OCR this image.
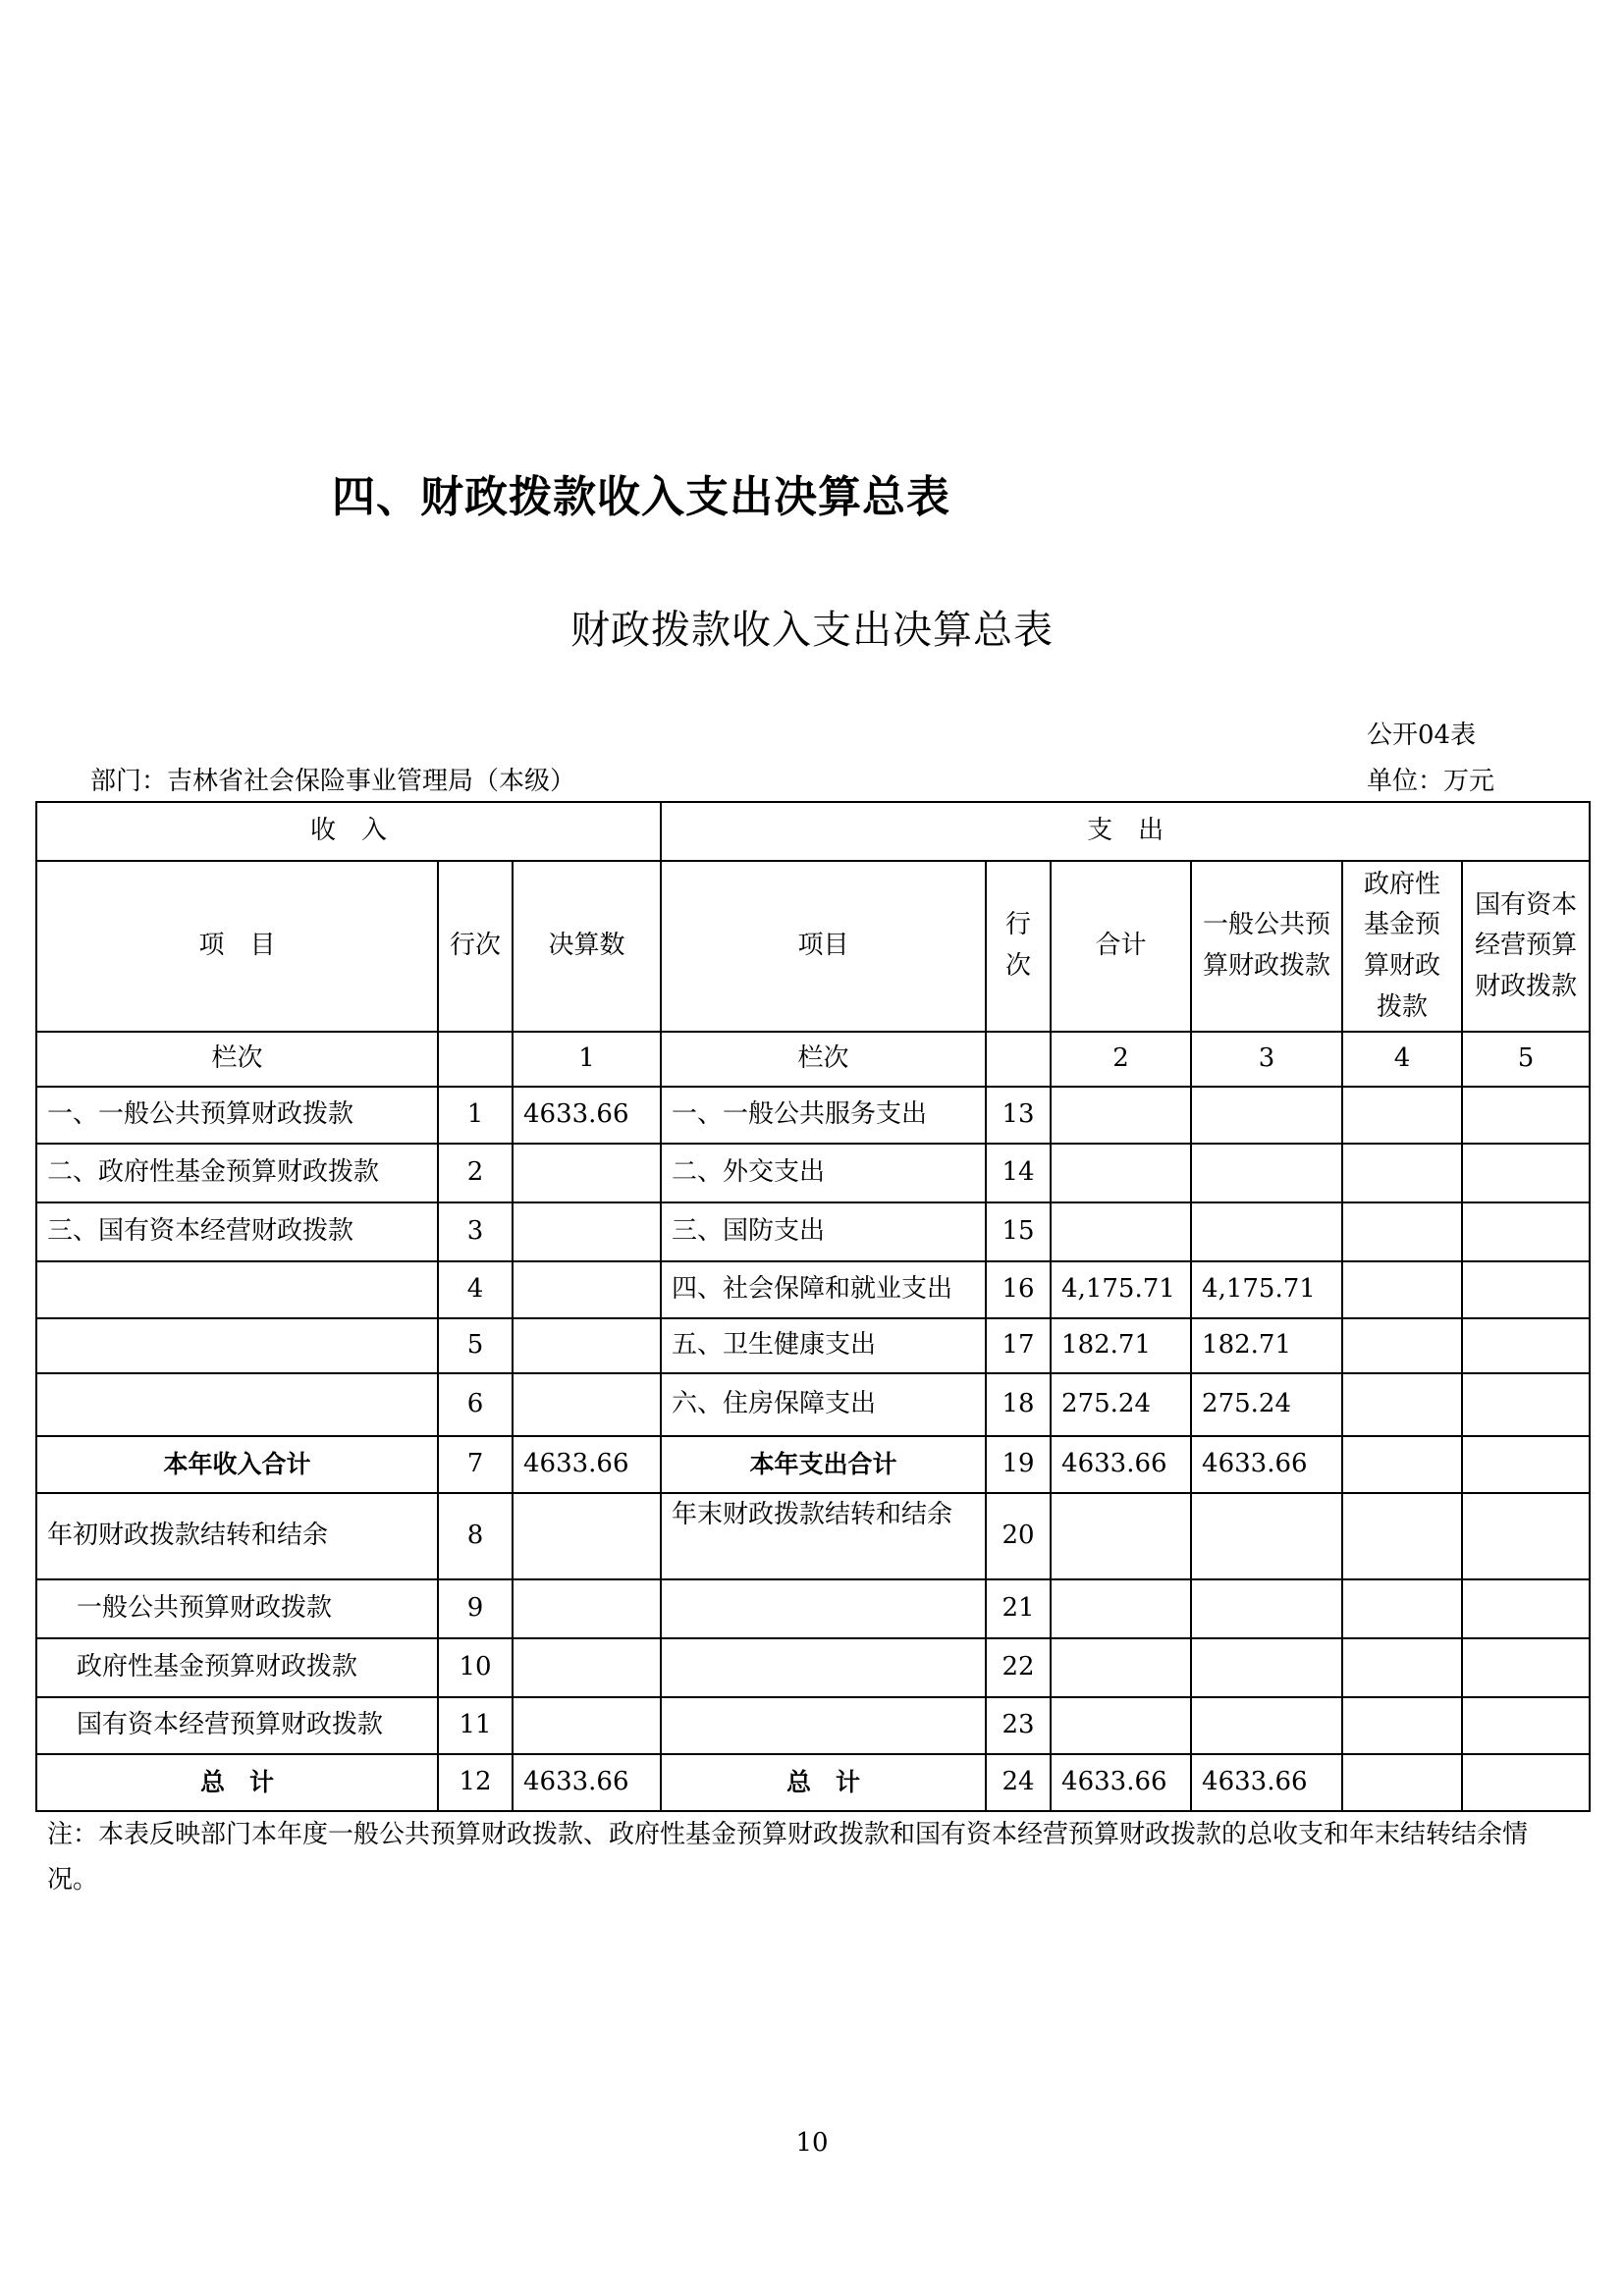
四、财政拨款收入支出决算总表
财政拨款收入支出决算总表
公开04表
部门：吉林省社会保险事业管理局（本级）	单位：万元
收　入			支　出					
项　目	行次	决算数	项目	行次	合计	一般公共预算财政拨款	政府性基金预算财政拨款	国有资本经营预算财政拨款
栏次		1	栏次		2	3	4	5
一、一般公共预算财政拨款	1	4633.66	一、一般公共服务支出	13				
二、政府性基金预算财政拨款	2		二、外交支出	14				
三、国有资本经营财政拨款	3		三、国防支出	15				
	4		四、社会保障和就业支出	16	4,175.71	4,175.71		
	5		五、卫生健康支出	17	182.71	182.71		
	6		六、住房保障支出	18	275.24	275.24		
本年收入合计	7	4633.66	本年支出合计	19	4633.66	4633.66		
年初财政拨款结转和结余	8		年末财政拨款结转和结余	20				
一般公共预算财政拨款	9			21				
政府性基金预算财政拨款	10			22				
国有资本经营预算财政拨款	11			23				
总　计	12	4633.66	总　计	24	4633.66	4633.66		
注：本表反映部门本年度一般公共预算财政拨款、政府性基金预算财政拨款和国有资本经营预算财政拨款的总收支和年末结转结余情况。
10
